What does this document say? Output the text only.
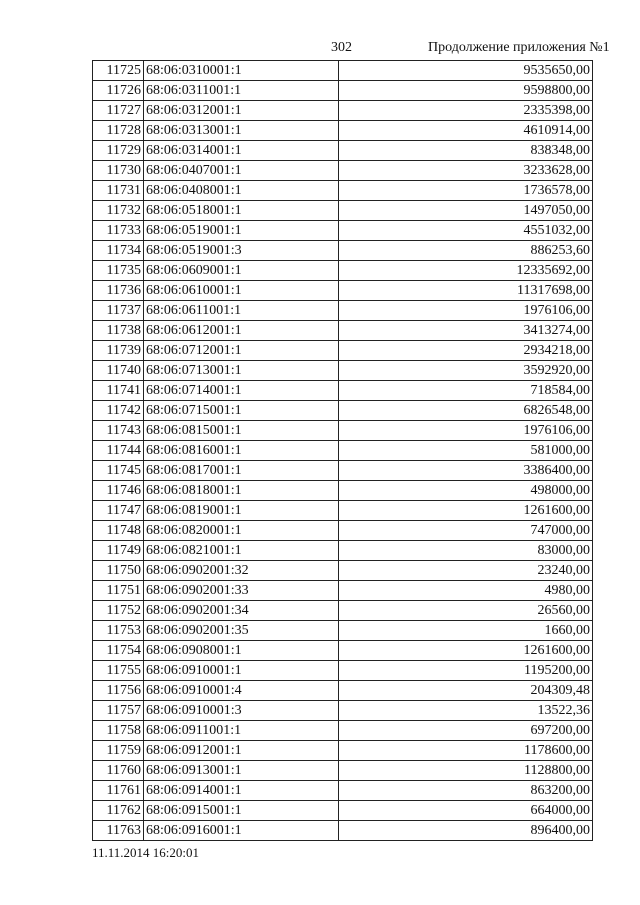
302	Продолжение приложения №1
11725	68:06:0310001:1	9535650,00
11726	68:06:0311001:1	9598800,00
11727	68:06:0312001:1	2335398,00
11728	68:06:0313001:1	4610914,00
11729	68:06:0314001:1	838348,00
11730	68:06:0407001:1	3233628,00
11731	68:06:0408001:1	1736578,00
11732	68:06:0518001:1	1497050,00
11733	68:06:0519001:1	4551032,00
11734	68:06:0519001:3	886253,60
11735	68:06:0609001:1	12335692,00
11736	68:06:0610001:1	11317698,00
11737	68:06:0611001:1	1976106,00
11738	68:06:0612001:1	3413274,00
11739	68:06:0712001:1	2934218,00
11740	68:06:0713001:1	3592920,00
11741	68:06:0714001:1	718584,00
11742	68:06:0715001:1	6826548,00
11743	68:06:0815001:1	1976106,00
11744	68:06:0816001:1	581000,00
11745	68:06:0817001:1	3386400,00
11746	68:06:0818001:1	498000,00
11747	68:06:0819001:1	1261600,00
11748	68:06:0820001:1	747000,00
11749	68:06:0821001:1	83000,00
11750	68:06:0902001:32	23240,00
11751	68:06:0902001:33	4980,00
11752	68:06:0902001:34	26560,00
11753	68:06:0902001:35	1660,00
11754	68:06:0908001:1	1261600,00
11755	68:06:0910001:1	1195200,00
11756	68:06:0910001:4	204309,48
11757	68:06:0910001:3	13522,36
11758	68:06:0911001:1	697200,00
11759	68:06:0912001:1	1178600,00
11760	68:06:0913001:1	1128800,00
11761	68:06:0914001:1	863200,00
11762	68:06:0915001:1	664000,00
11763	68:06:0916001:1	896400,00
11.11.2014 16:20:01
